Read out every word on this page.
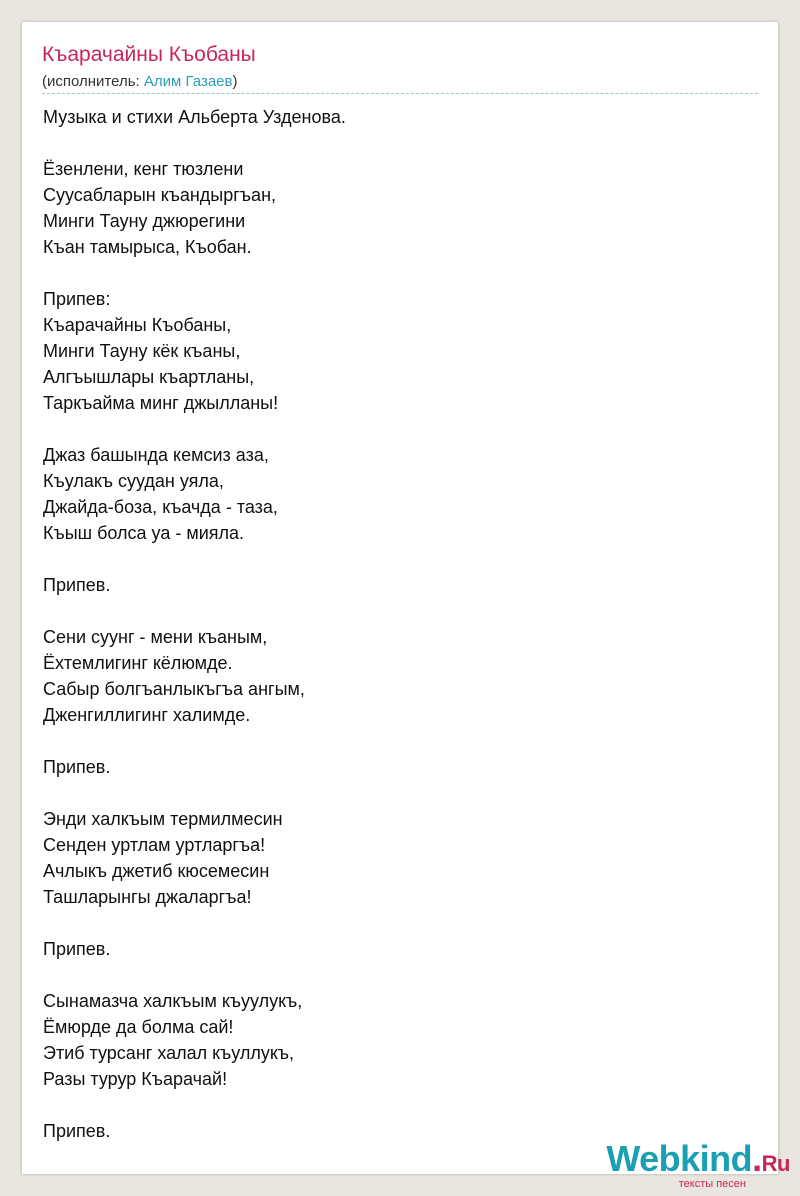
Къарачайны Къобаны
(исполнитель: Алим Газаев)
Музыка и стихи Альберта Узденова.
Ёзенлени, кенг тюзлени
Суусабларын къандыргъан,
Минги Тауну джюрегини
Къан тамырыса, Къобан.
Припев:
Къарачайны Къобаны,
Минги Тауну кёк къаны,
Алгъышлары къартланы,
Таркъайма минг джылланы!
Джаз башында кемсиз аза,
Къулакъ суудан уяла,
Джайда-боза, къачда - таза,
Къыш болса уа - мияла.
Припев.
Сени суунг - мени къаным,
Ёхтемлигинг кёлюмде.
Сабыр болгъанлыкъгъа ангым,
Дженгиллигинг халимде.
Припев.
Энди халкъым термилмесин
Сенден уртлам уртларгъа!
Ачлыкъ джетиб кюсемесин
Ташларынгы джаларгъа!
Припев.
Сынамазча халкъым къуулукъ,
Ёмюрде да болма сай!
Этиб турсанг халал къуллукъ,
Разы турур Къарачай!
Припев.
Webkind.Ru
тексты песен
